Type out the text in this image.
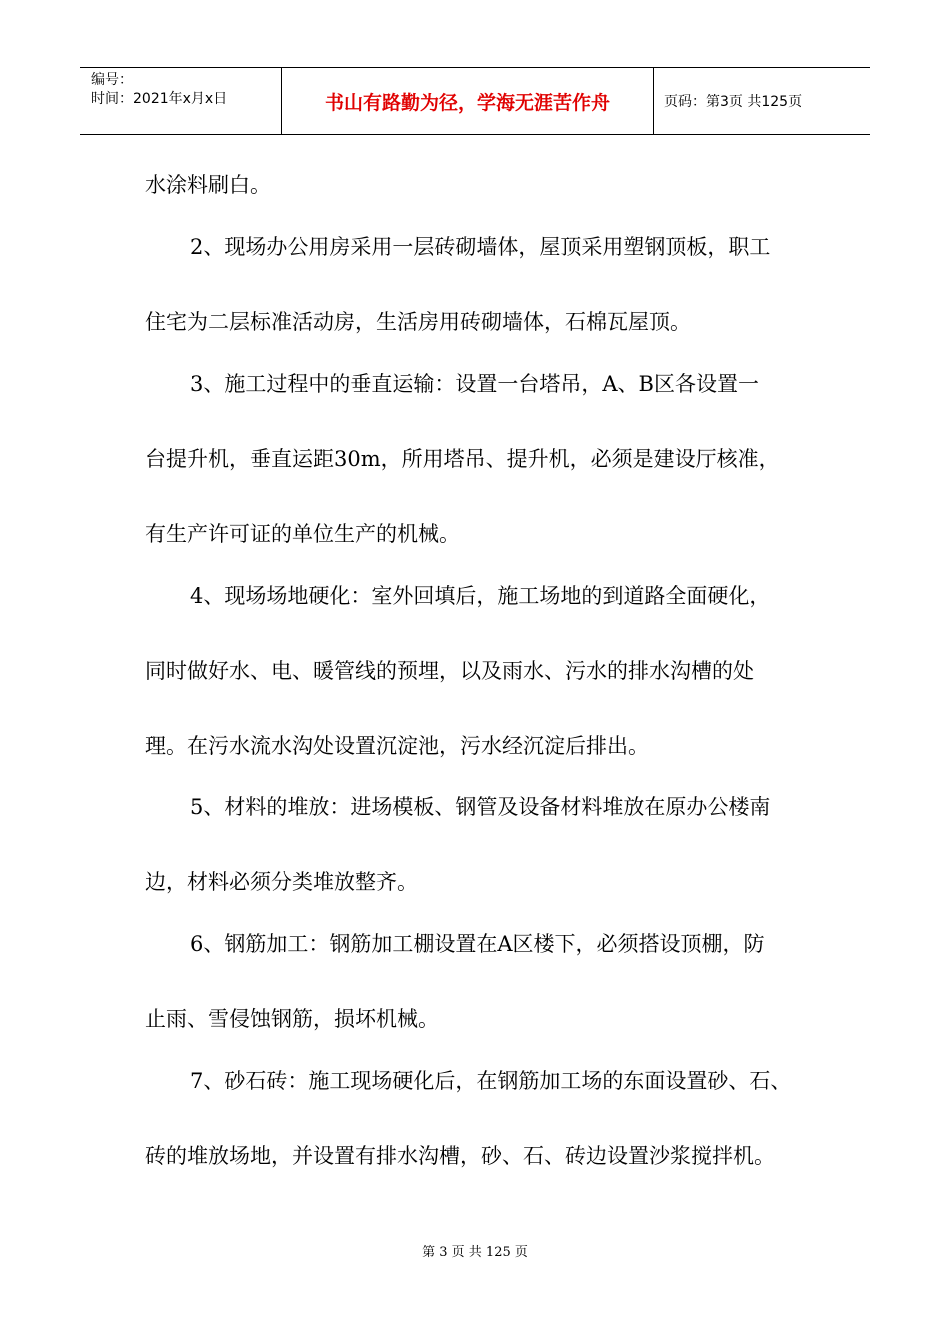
编号：
时间：2021年x月x日	书山有路勤为径，学海无涯苦作舟	页码：第3页 共125页
水涂料刷白。
2、现场办公用房采用一层砖砌墙体，屋顶采用塑钢顶板，职工
住宅为二层标准活动房，生活房用砖砌墙体，石棉瓦屋顶。
3、施工过程中的垂直运输：设置一台塔吊，A、B区各设置一
台提升机，垂直运距30m，所用塔吊、提升机，必须是建设厅核准，
有生产许可证的单位生产的机械。
4、现场场地硬化：室外回填后，施工场地的到道路全面硬化，
同时做好水、电、暖管线的预埋，以及雨水、污水的排水沟槽的处
理。在污水流水沟处设置沉淀池，污水经沉淀后排出。
5、材料的堆放：进场模板、钢管及设备材料堆放在原办公楼南
边，材料必须分类堆放整齐。
6、钢筋加工：钢筋加工棚设置在A区楼下，必须搭设顶棚，防
止雨、雪侵蚀钢筋，损坏机械。
7、砂石砖：施工现场硬化后，在钢筋加工场的东面设置砂、石、
砖的堆放场地，并设置有排水沟槽，砂、石、砖边设置沙浆搅拌机。
第 3 页 共 125 页
